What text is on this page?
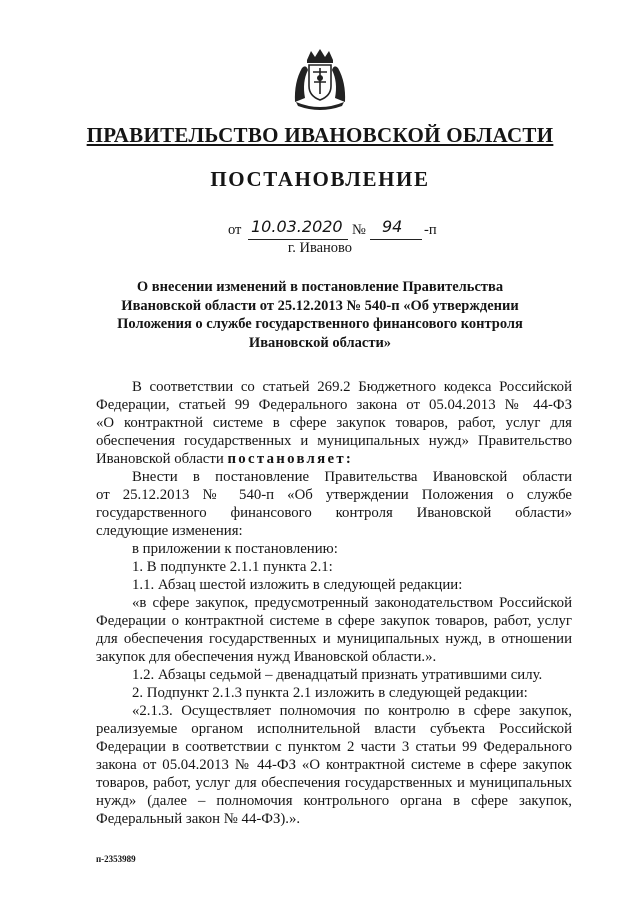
ПРАВИТЕЛЬСТВО ИВАНОВСКОЙ ОБЛАСТИ
ПОСТАНОВЛЕНИЕ
от 10.03.2020 № 94 -п
г. Иваново
О внесении изменений в постановление Правительства
Ивановской области от 25.12.2013 № 540-п «Об утверждении
Положения о службе государственного финансового контроля
Ивановской области»
В соответствии со статьей 269.2 Бюджетного кодекса Российской
Федерации, статьей 99 Федерального закона от 05.04.2013 № 44-ФЗ
«О контрактной системе в сфере закупок товаров, работ, услуг для
обеспечения государственных и муниципальных нужд» Правительство
Ивановской области постановляет:
Внести в постановление Правительства Ивановской области
от 25.12.2013 № 540-п «Об утверждении Положения о службе
государственного финансового контроля Ивановской области»
следующие изменения:
в приложении к постановлению:
1. В подпункте 2.1.1 пункта 2.1:
1.1. Абзац шестой изложить в следующей редакции:
«в сфере закупок, предусмотренный законодательством Российской
Федерации о контрактной системе в сфере закупок товаров, работ, услуг
для обеспечения государственных и муниципальных нужд, в отношении
закупок для обеспечения нужд Ивановской области.».
1.2. Абзацы седьмой – двенадцатый признать утратившими силу.
2. Подпункт 2.1.3 пункта 2.1 изложить в следующей редакции:
«2.1.3. Осуществляет полномочия по контролю в сфере закупок,
реализуемые органом исполнительной власти субъекта Российской
Федерации в соответствии с пунктом 2 части 3 статьи 99 Федерального
закона от 05.04.2013 № 44-ФЗ «О контрактной системе в сфере закупок
товаров, работ, услуг для обеспечения государственных и муниципальных
нужд» (далее – полномочия контрольного органа в сфере закупок,
Федеральный закон № 44-ФЗ).».
п-2353989
